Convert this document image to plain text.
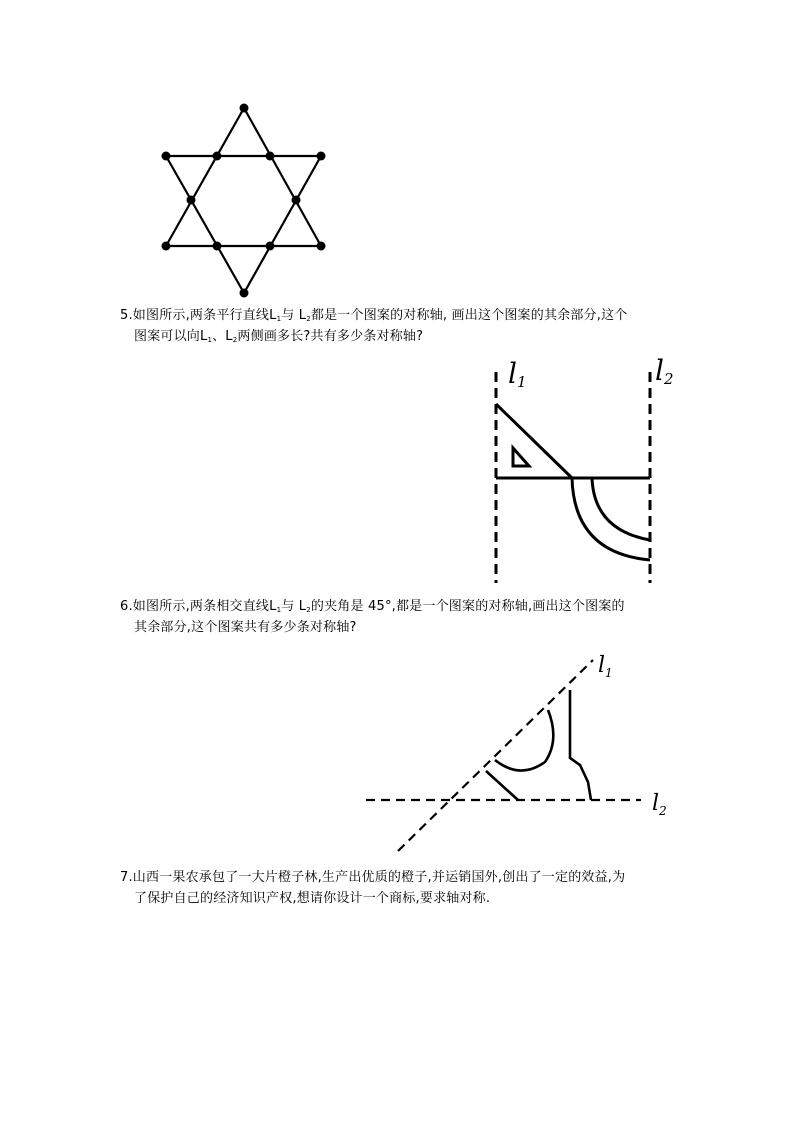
5.如图所示,两条平行直线$L_1$与 $L_2$都是一个图案的对称轴, 画出这个图案的其余部分,这个
图案可以向$L_1$、$L_2$两侧画多长?共有多少条对称轴?
l1	l2
6.如图所示,两条相交直线$L_1$与 $L_2$的夹角是 45°,都是一个图案的对称轴,画出这个图案的
其余部分,这个图案共有多少条对称轴?
$l_1$
$l_2$
7.山西一果农承包了一大片橙子林,生产出优质的橙子,并运销国外,创出了一定的效益,为
了保护自己的经济知识产权,想请你设计一个商标,要求轴对称.
